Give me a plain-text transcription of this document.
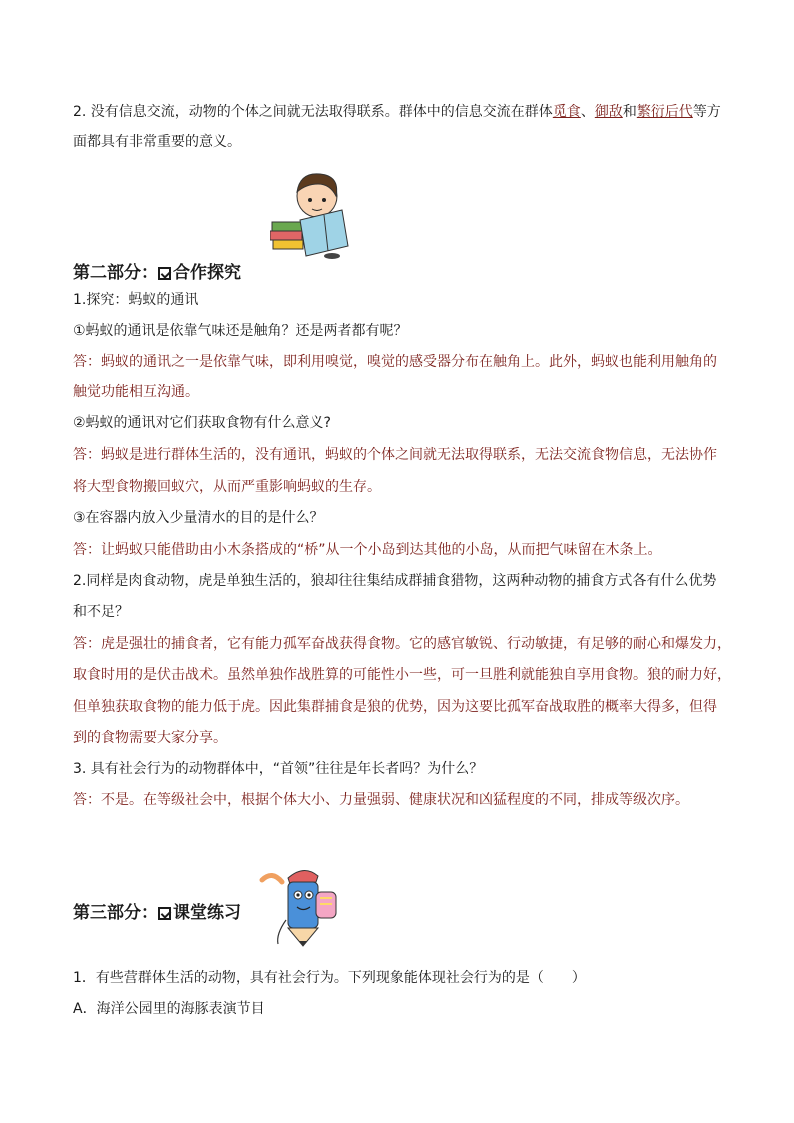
2. 没有信息交流，动物的个体之间就无法取得联系。群体中的信息交流在群体觅食、御敌和繁衍后代等方
面都具有非常重要的意义。
第二部分： 合作探究
1.探究：蚂蚁的通讯
①蚂蚁的通讯是依靠气味还是触角？还是两者都有呢？
答：蚂蚁的通讯之一是依靠气味，即利用嗅觉，嗅觉的感受器分布在触角上。此外，蚂蚁也能利用触角的
触觉功能相互沟通。
②蚂蚁的通讯对它们获取食物有什么意义?
答：蚂蚁是进行群体生活的，没有通讯，蚂蚁的个体之间就无法取得联系，无法交流食物信息，无法协作
将大型食物搬回蚁穴，从而严重影响蚂蚁的生存。
③在容器内放入少量清水的目的是什么？
答：让蚂蚁只能借助由小木条搭成的“桥”从一个小岛到达其他的小岛，从而把气味留在木条上。
2.同样是肉食动物，虎是单独生活的，狼却往往集结成群捕食猎物，这两种动物的捕食方式各有什么优势
和不足？
答：虎是强壮的捕食者，它有能力孤军奋战获得食物。它的感官敏锐、行动敏捷，有足够的耐心和爆发力，
取食时用的是伏击战术。虽然单独作战胜算的可能性小一些，可一旦胜利就能独自享用食物。狼的耐力好，
但单独获取食物的能力低于虎。因此集群捕食是狼的优势，因为这要比孤军奋战取胜的概率大得多，但得
到的食物需要大家分享。
3. 具有社会行为的动物群体中，“首领”往往是年长者吗？为什么？
答：不是。在等级社会中，根据个体大小、力量强弱、健康状况和凶猛程度的不同，排成等级次序。
第三部分： 课堂练习
1．有些营群体生活的动物，具有社会行为。下列现象能体现社会行为的是（　　）
A．海洋公园里的海豚表演节目
